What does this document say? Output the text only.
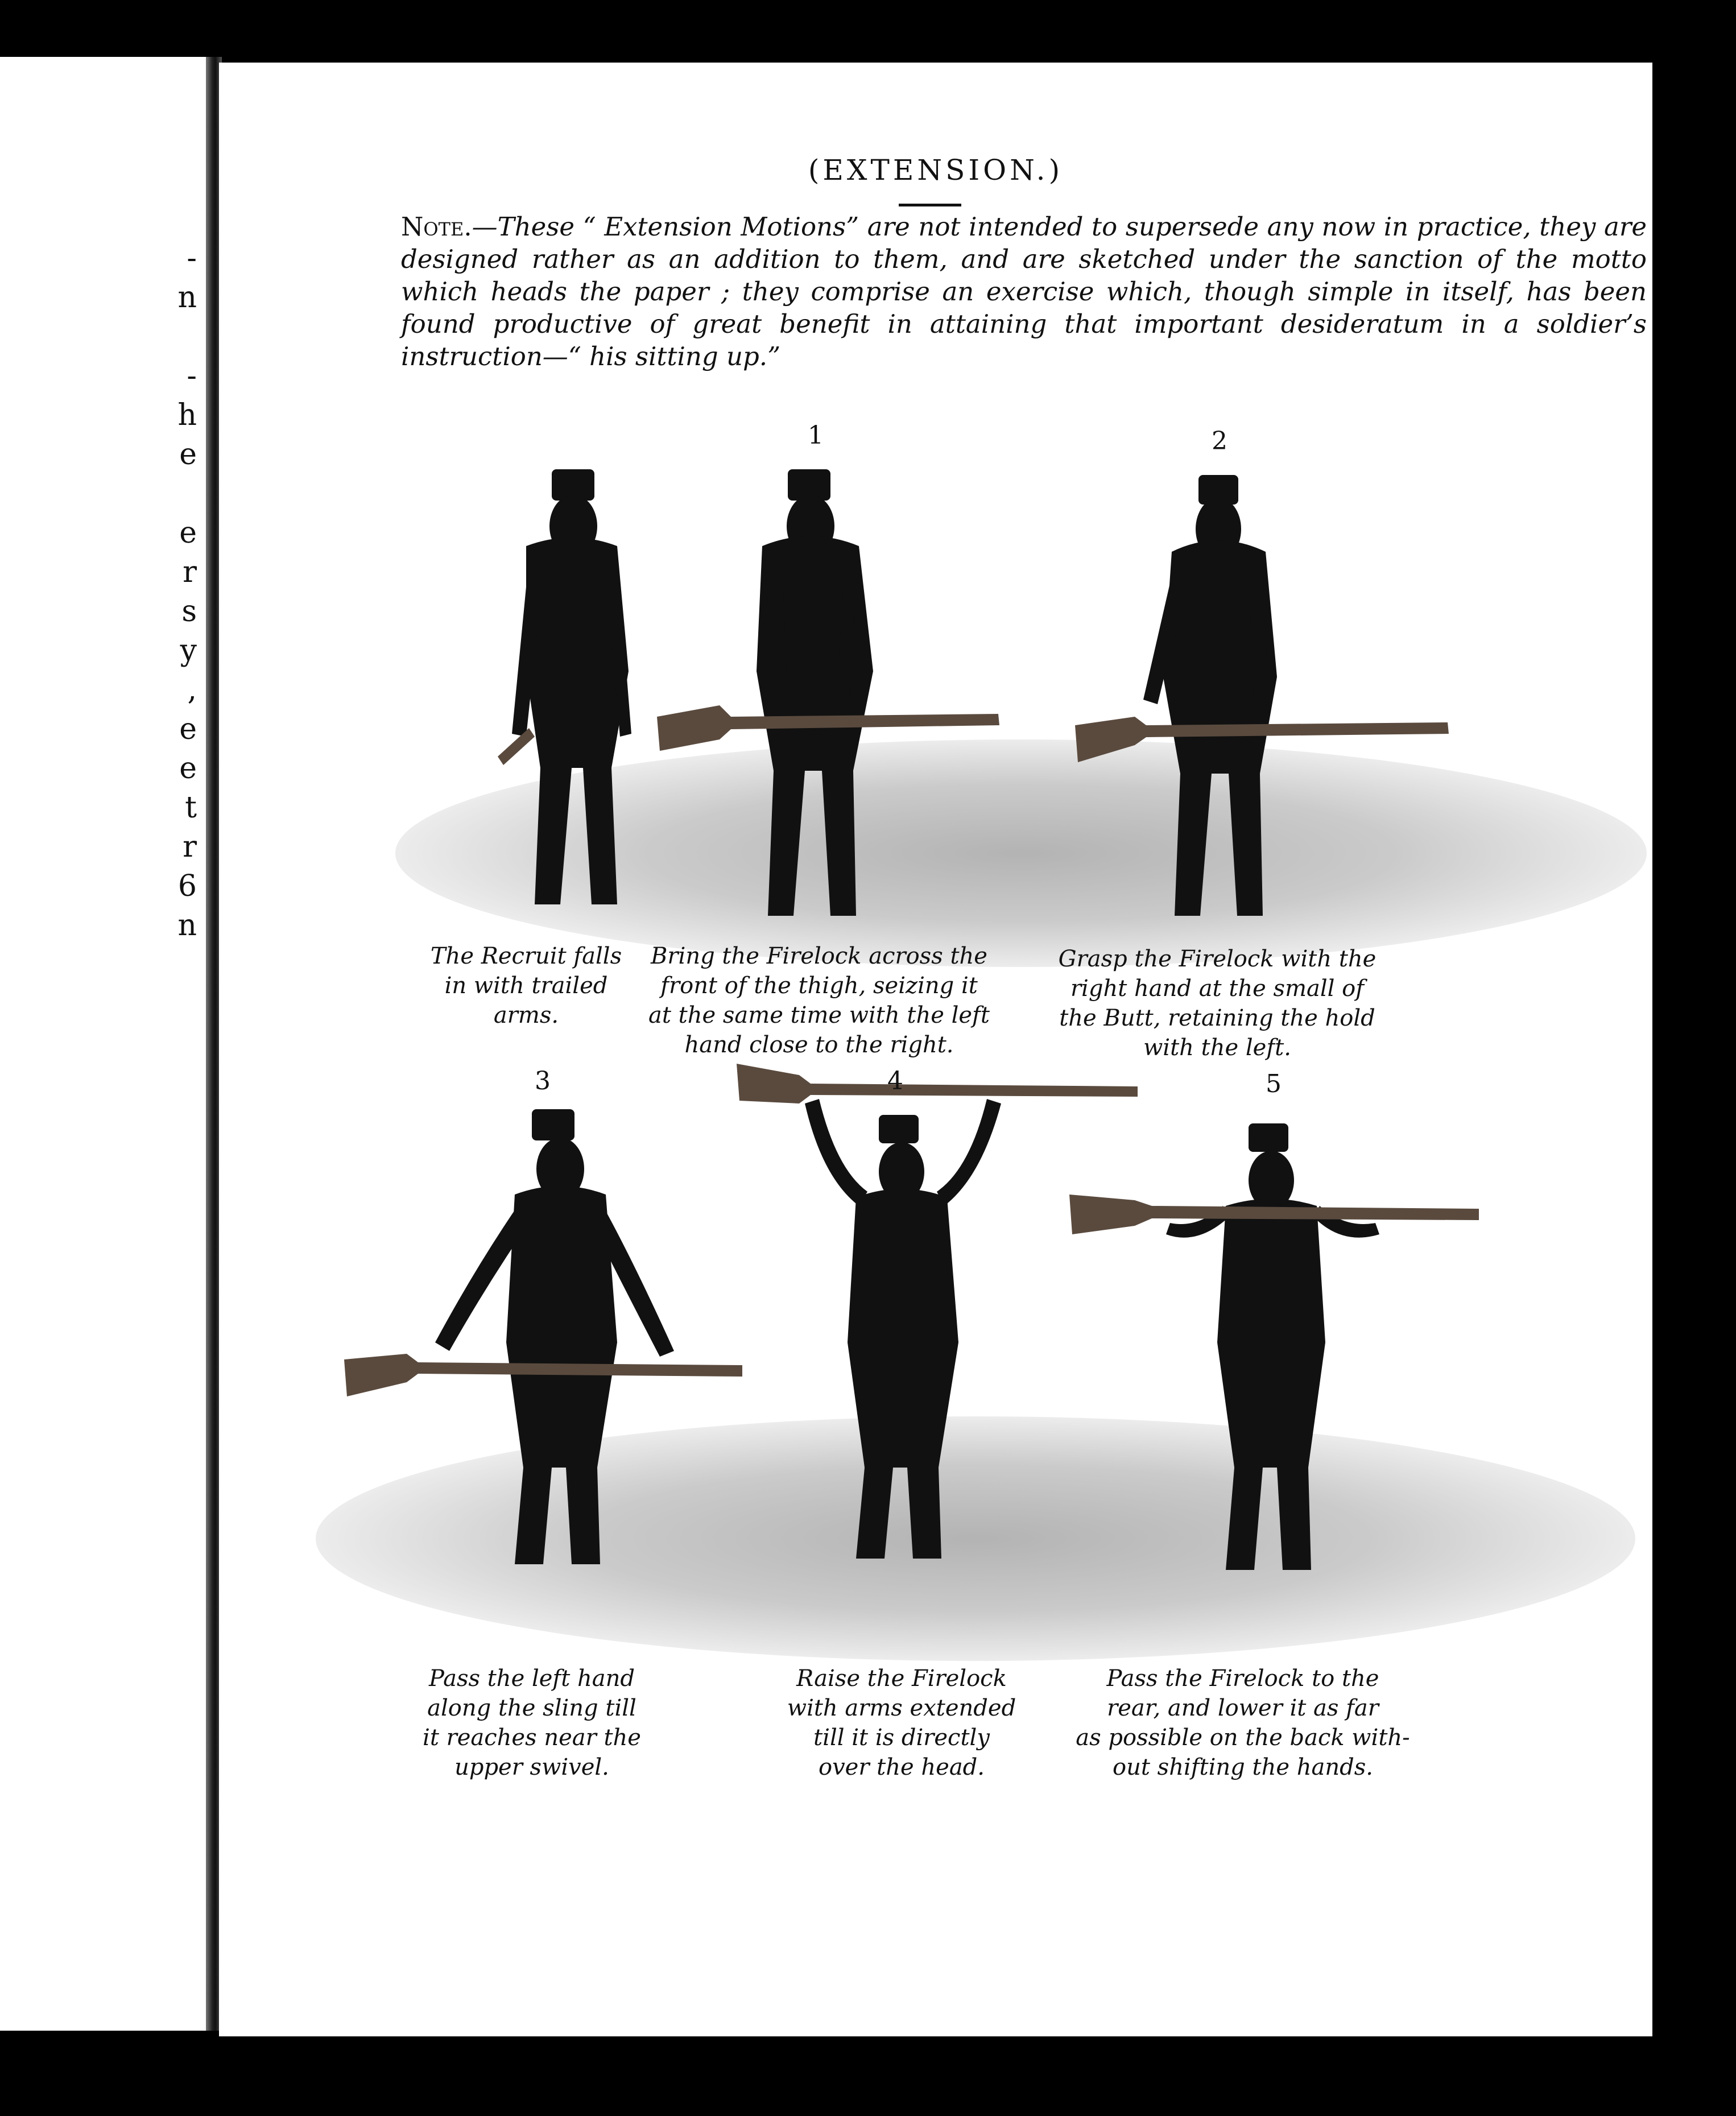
-
n
-
h
e
e
r
s
y
,
e
e
t
r
6
n
(EXTENSION.)
Note.—These “ Extension Motions” are not intended to supersede any now in practice, they are designed rather as an addition to them, and are sketched under the sanction of the motto which heads the paper ; they comprise an exercise which, though simple in itself, has been found productive of great benefit in attaining that important desideratum in a soldier’s instruction—“ his sitting up.”
1	2
3	4	5
The Recruit falls
in with trailed
arms.
Bring the Firelock across the
front of the thigh, seizing it
at the same time with the left
hand close to the right.
Grasp the Firelock with the
right hand at the small of
the Butt, retaining the hold
with the left.
Pass the left hand
along the sling till
it reaches near the
upper swivel.
Raise the Firelock
with arms extended
till it is directly
over the head.
Pass the Firelock to the
rear, and lower it as far
as possible on the back with-
out shifting the hands.
